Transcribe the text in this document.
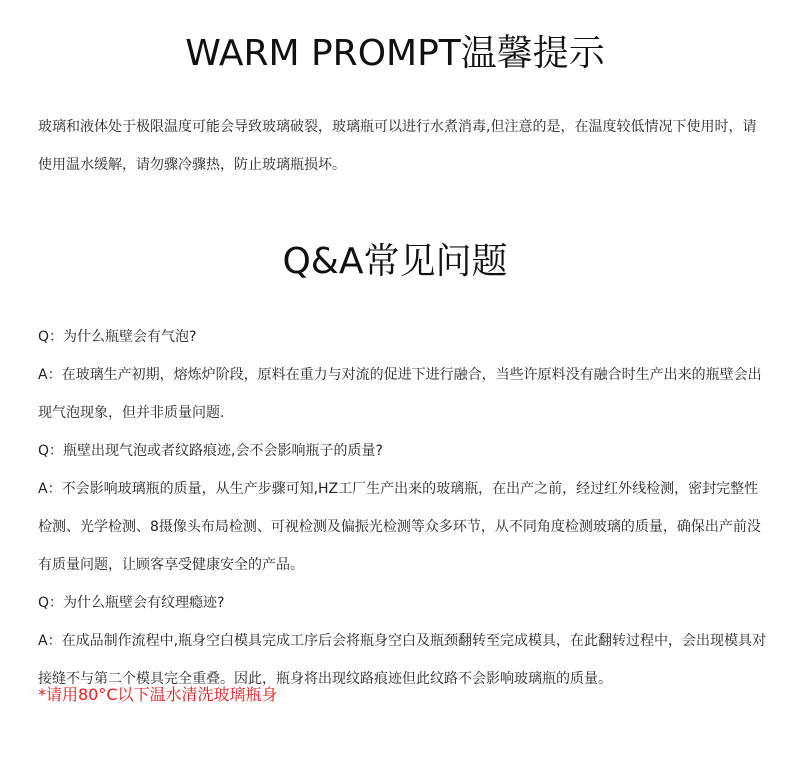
WARM PROMPT温馨提示

玻璃和液体处于极限温度可能会导致玻璃破裂，玻璃瓶可以进行水煮消毒,但注意的是，在温度较低情况下使用时，请使用温水缓解，请勿骤冷骤热，防止玻璃瓶损坏。

Q&A常见问题

Q：为什么瓶壁会有气泡?

A：在玻璃生产初期，熔炼炉阶段，原料在重力与对流的促进下进行融合，当些许原料没有融合时生产出来的瓶壁会出现气泡现象，但并非质量问题.

Q：瓶壁出现气泡或者纹路痕迹,会不会影响瓶子的质量?

A：不会影响玻璃瓶的质量，从生产步骤可知,HZ工厂生产出来的玻璃瓶，在出产之前，经过红外线检测，密封完整性检测、光学检测、8摄像头布局检测、可视检测及偏振光检测等众多环节，从不同角度检测玻璃的质量，确保出产前没有质量问题，让顾客享受健康安全的产品。

Q：为什么瓶壁会有纹理瘾迹?

A：在成品制作流程中,瓶身空白模具完成工序后会将瓶身空白及瓶颈翻转至完成模具，在此翻转过程中，会出现模具对接缝不与第二个模具完全重叠。因此，瓶身将出现纹路痕迹但此纹路不会影响玻璃瓶的质量。

*请用80°C以下温水清洗玻璃瓶身
